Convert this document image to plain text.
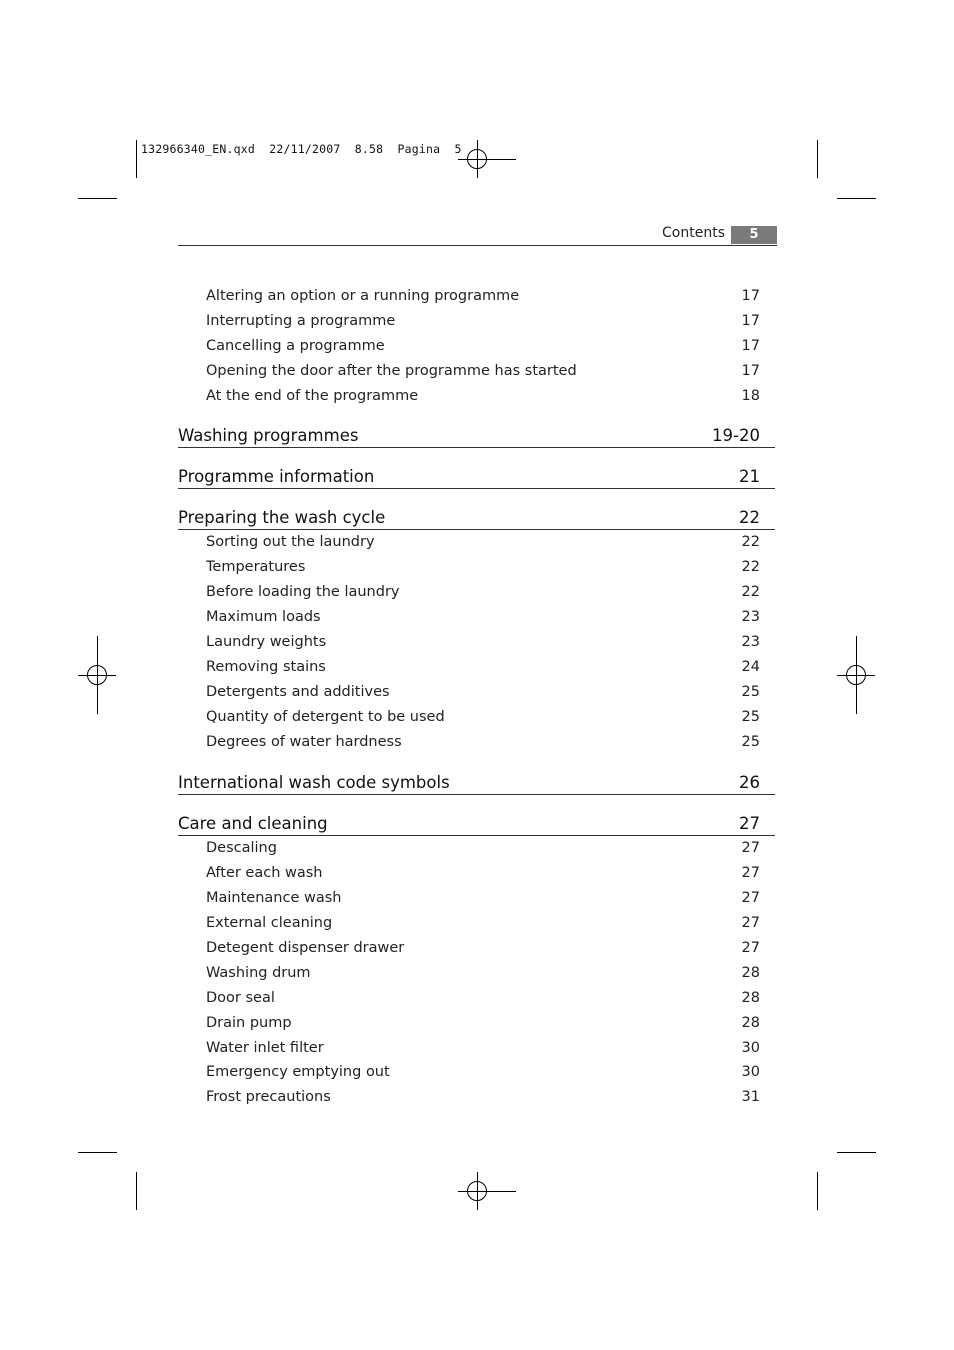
132966340_EN.qxd  22/11/2007  8.58  Pagina  5
Contents	5
Altering an option or a running programme	17
Interrupting a programme	17
Cancelling a programme	17
Opening the door after the programme has started	17
At the end of the programme	18
Washing programmes	19-20
Programme information	21
Preparing the wash cycle	22
Sorting out the laundry	22
Temperatures	22
Before loading the laundry	22
Maximum loads	23
Laundry weights	23
Removing stains	24
Detergents and additives	25
Quantity of detergent to be used	25
Degrees of water hardness	25
International wash code symbols	26
Care and cleaning	27
Descaling	27
After each wash	27
Maintenance wash	27
External cleaning	27
Detegent dispenser drawer	27
Washing drum	28
Door seal	28
Drain pump	28
Water inlet filter	30
Emergency emptying out	30
Frost precautions	31
